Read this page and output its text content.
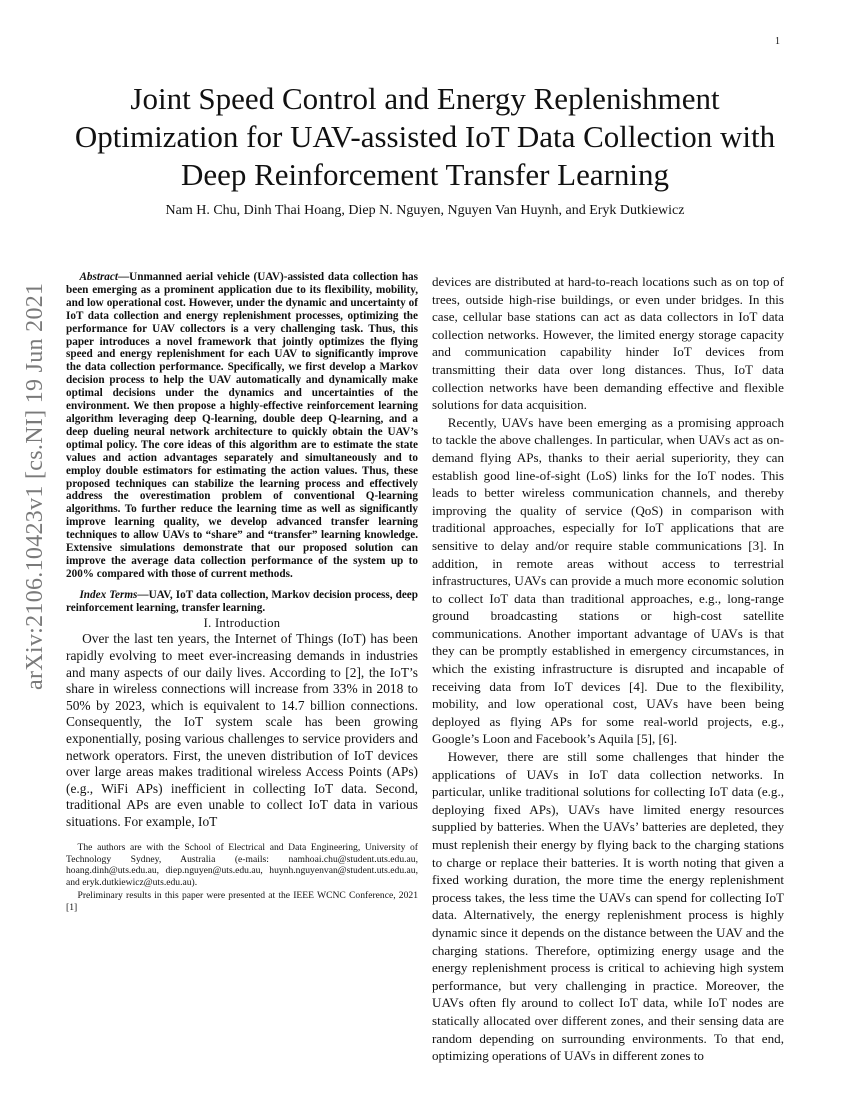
1
arXiv:2106.10423v1 [cs.NI] 19 Jun 2021
Joint Speed Control and Energy Replenishment Optimization for UAV-assisted IoT Data Collection with Deep Reinforcement Transfer Learning

Nam H. Chu, Dinh Thai Hoang, Diep N. Nguyen, Nguyen Van Huynh, and Eryk Dutkiewicz

Abstract—Unmanned aerial vehicle (UAV)-assisted data collection has been emerging as a prominent application due to its flexibility, mobility, and low operational cost. However, under the dynamic and uncertainty of IoT data collection and energy replenishment processes, optimizing the performance for UAV collectors is a very challenging task. Thus, this paper introduces a novel framework that jointly optimizes the flying speed and energy replenishment for each UAV to significantly improve the data collection performance. Specifically, we first develop a Markov decision process to help the UAV automatically and dynamically make optimal decisions under the dynamics and uncertainties of the environment. We then propose a highly-effective reinforcement learning algorithm leveraging deep Q-learning, double deep Q-learning, and a deep dueling neural network architecture to quickly obtain the UAV’s optimal policy. The core ideas of this algorithm are to estimate the state values and action advantages separately and simultaneously and to employ double estimators for estimating the action values. Thus, these proposed techniques can stabilize the learning process and effectively address the overestimation problem of conventional Q-learning algorithms. To further reduce the learning time as well as significantly improve learning quality, we develop advanced transfer learning techniques to allow UAVs to “share” and “transfer” learning knowledge. Extensive simulations demonstrate that our proposed solution can improve the average data collection performance of the system up to 200% compared with those of current methods.

Index Terms—UAV, IoT data collection, Markov decision process, deep reinforcement learning, transfer learning.

I. Introduction

Over the last ten years, the Internet of Things (IoT) has been rapidly evolving to meet ever-increasing demands in industries and many aspects of our daily lives. According to [2], the IoT’s share in wireless connections will increase from 33% in 2018 to 50% by 2023, which is equivalent to 14.7 billion connections. Consequently, the IoT system scale has been growing exponentially, posing various challenges to service providers and network operators. First, the uneven distribution of IoT devices over large areas makes traditional wireless Access Points (APs) (e.g., WiFi APs) inefficient in collecting IoT data. Second, traditional APs are even unable to collect IoT data in various situations. For example, IoT

The authors are with the School of Electrical and Data Engineering, University of Technology Sydney, Australia (e-mails: namhoai.chu@student.uts.edu.au, hoang.dinh@uts.edu.au, diep.nguyen@uts.edu.au, huynh.nguyenvan@student.uts.edu.au, and eryk.dutkiewicz@uts.edu.au).

Preliminary results in this paper were presented at the IEEE WCNC Conference, 2021 [1]

devices are distributed at hard-to-reach locations such as on top of trees, outside high-rise buildings, or even under bridges. In this case, cellular base stations can act as data collectors in IoT data collection networks. However, the limited energy storage capacity and communication capability hinder IoT devices from transmitting their data over long distances. Thus, IoT data collection networks have been demanding effective and flexible solutions for data acquisition.

Recently, UAVs have been emerging as a promising approach to tackle the above challenges. In particular, when UAVs act as on-demand flying APs, thanks to their aerial superiority, they can establish good line-of-sight (LoS) links for the IoT nodes. This leads to better wireless communication channels, and thereby improving the quality of service (QoS) in comparison with traditional approaches, especially for IoT applications that are sensitive to delay and/or require stable communications [3]. In addition, in remote areas without access to terrestrial infrastructures, UAVs can provide a much more economic solution to collect IoT data than traditional approaches, e.g., long-range ground broadcasting stations or high-cost satellite communications. Another important advantage of UAVs is that they can be promptly established in emergency circumstances, in which the existing infrastructure is disrupted and incapable of receiving data from IoT devices [4]. Due to the flexibility, mobility, and low operational cost, UAVs have been being deployed as flying APs for some real-world projects, e.g., Google’s Loon and Facebook’s Aquila [5], [6].

However, there are still some challenges that hinder the applications of UAVs in IoT data collection networks. In particular, unlike traditional solutions for collecting IoT data (e.g., deploying fixed APs), UAVs have limited energy resources supplied by batteries. When the UAVs’ batteries are depleted, they must replenish their energy by flying back to the charging stations to charge or replace their batteries. It is worth noting that given a fixed working duration, the more time the energy replenishment process takes, the less time the UAVs can spend for collecting IoT data. Alternatively, the energy replenishment process is highly dynamic since it depends on the distance between the UAV and the charging stations. Therefore, optimizing energy usage and the energy replenishment process is critical to achieving high system performance, but very challenging in practice. Moreover, the UAVs often fly around to collect IoT data, while IoT nodes are statically allocated over different zones, and their sensing data are random depending on surrounding environments. To that end, optimizing operations of UAVs in different zones to
